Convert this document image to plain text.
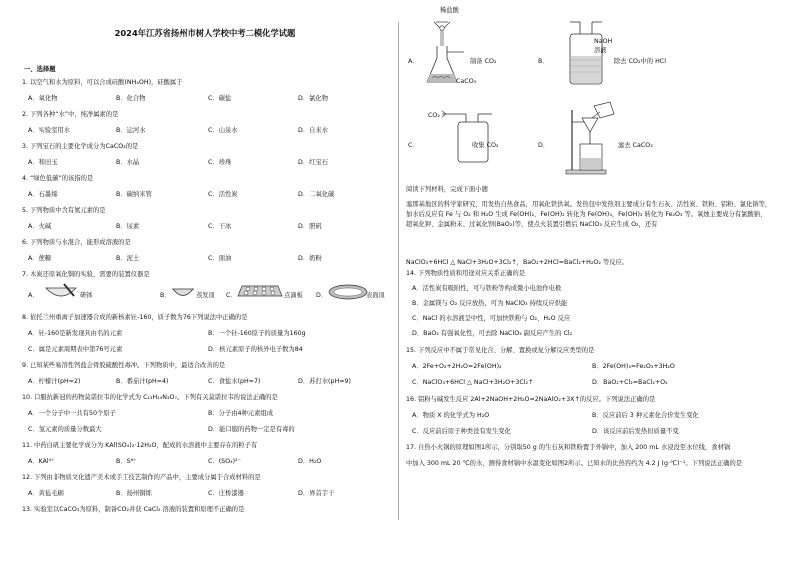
2024年江苏省扬州市树人学校中考二模化学试题
一、选择题
1. 以空气和水为原料，可以合成硅酸(NH₄OH)，硅酸属于
A．氧化物	B．化合物	C．碳盐	D．氯化物
2. 下列各种“水”中，纯净属素的是
A．实验室用水	B．运河水	C．山泉水	D．自来水
3. 下列宝石的主要化学成分为CaCO₃的是
A．和田玉	B．水晶	C．珍珠	D．红宝石
4. “绿色低碳”的该指的是
A．石墨烯	B．碳纳米管	C．活性炭	D．二氧化碳
5. 下列物质中含有氮元素的是
A．火碱	B．尿素	C．干冰	D．胆矾
6. 下列物质与水混合，能形成溶液的是
A．蔗糖	B．泥土	C．面油	D．奶粉
7. 木炭还原氧化铜的实验，需要的装置仪器是
A．	研钵	B．	蒸发皿 C．	点滴板 D．	表面皿
8. 依托兰州重离子加速器合成的新核素钍-160，质子数为76下列说法中正确的是
A．钍-160是新发现具由名的元素	B．一个钍-160原子的质量为160g
C．属是元素周期表中第76号元素	D．核元素原子的核外电子数为84
9. 已知某些易溶性钙盐会骨胶硫酸性毒冲。下列物质中，最适合改善的是
A．柠檬汁(pH=2)	B．番茄汁(pH=4)	C．食盐水(pH=7)	D．苏打水(pH=9)
10. 口服抗新冠的药物莫诺拉韦的化学式为 C₁₃H₁₉N₃O₇。下列有关莫诺拉韦的说法正确的是
A．一个分子中一共有50个原子	B．分子由4种元素组成
C．氢元素的质量分数最大	D．能口服的药物一定是有毒的
11. 中药白矾主要化学成分为 KAl(SO₄)₂·12H₂O，配成的水溶液中主要存在的粒子有
A．KAl⁴⁺	B．S⁶⁺	C．(SO₄)²⁻	D．H₂O
12. 下列由非物质文化遗产美术或手工技艺制作的产品中，主要成分属于合成材料的是
A．黄毡毛刷	B．扬州铜练	C．庄桥漆器	D．界首芋干
13. 实验室以CaCO₃为原料，制备CO₂并获 CaCl₂ 溶液的装置和原理不正确的是
A．
稀盐酸
CaCO₃
制备 CO₂	B．
NaOH
溶液
除去 CO₂中的 HCl
C．
CO₂
收集 CO₂	D．	滤去 CaCO₃
阅读下列材料，完成下面小题
塞那基地区的科学家研究，用发热自热食品，用氧化铁供氧。发热包中发热剂主要成分有生石灰、活性炭、铁粉、铝粉、氯化钠等，加水后反应有 Fe 与 O₂ 和 H₂O 生成 Fe(OH)₂，Fe(OH)₂ 转化为 Fe(OH)₃，Fe(OH)₃ 转化为 Fe₂O₃ 等。氧烛主要成分有氯酸钠、超氧化钾、金属粉末、过氧化钡(BaO₂)等，使点火装置引燃后 NaClO₃ 反应生成 O₂，还有
NaClO₃+6HCl △ NaCl+3H₂O+3Cl₂↑，BaO₂+2HCl=BaCl₂+H₂O₂ 等反应。
14. 下列物质性质和用途对应关系正确的是
A．活性炭有吸附性，可与铁粉等构成微小电池作电极
B．金属镁与 O₂ 反应放热，可为 NaClO₃ 持续反应供能
C．NaCl 的水溶液呈中性，可加快铁粉与 O₂、H₂O 反应
D．BaO₂ 有强氧化性，可去除 NaClO₃ 副反应产生的 Cl₂
15. 下列反应中不属于常见化合、分解、置换或复分解反应类型的是
A．2Fe+O₂+2H₂O=2Fe(OH)₂	B．2Fe(OH)₃=Fe₂O₃+3H₂O
C．NaClO₃+6HCl △ NaCl+3H₂O+3Cl₂↑	D．BaO₂+Cl₂=BaCl₂+O₂
16. 铝粉与碱发生反应 2Al+2NaOH+2H₂O=2NaAlO₂+3X↑的反应。下列说法正确的是
A．物质 X 的化学式为 H₂O	B．反应前后 3 种元素化合价发生变化
C．反应前后原子种类没有发生变化	D．该反应前后发热但质量不变
17. 自热小火锅的原理如图1所示，分别取50 g 的生石灰和铁粉置于外锅中，加入 200 mL 水浸没至水位线，食材锅
中加入 300 mL 20 ℃的水，测得食材锅中水温变化如图2所示。已知水的比热容约为 4.2 J (g·℃)⁻¹。下列说法正确的是
